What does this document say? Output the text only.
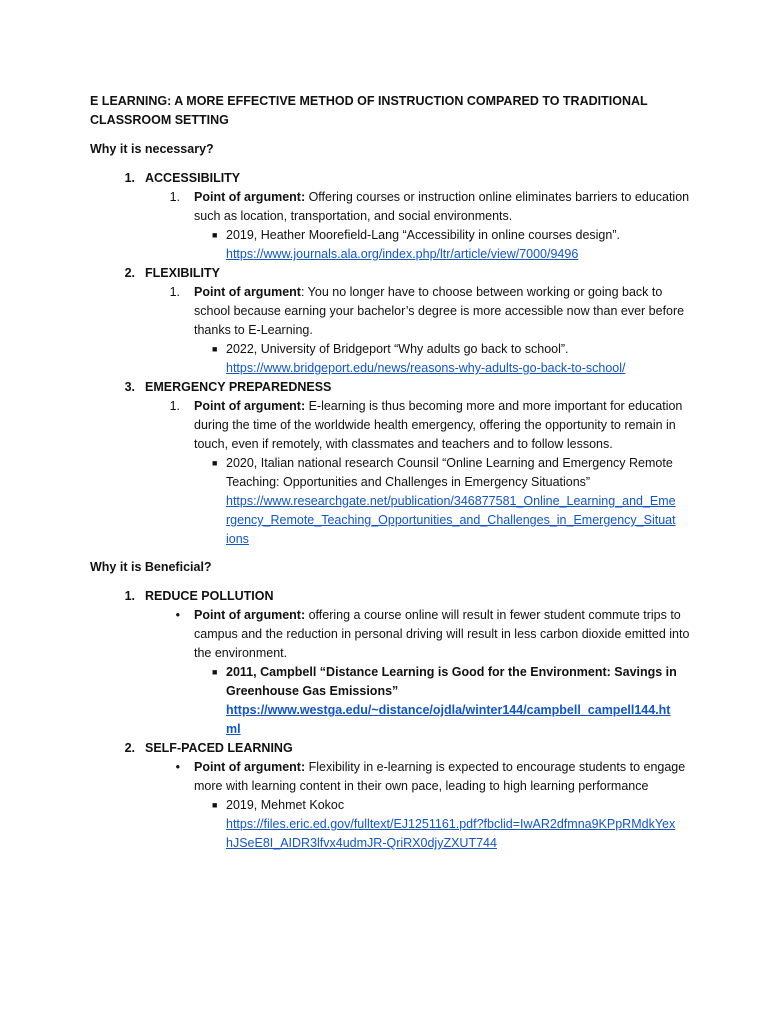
E LEARNING: A MORE EFFECTIVE METHOD OF INSTRUCTION COMPARED TO TRADITIONAL CLASSROOM SETTING
Why it is necessary?
1. ACCESSIBILITY
1. Point of argument: Offering courses or instruction online eliminates barriers to education such as location, transportation, and social environments.
■ 2019, Heather Moorefield-Lang “Accessibility in online courses design”.
https://www.journals.ala.org/index.php/ltr/article/view/7000/9496
2. FLEXIBILITY
1. Point of argument: You no longer have to choose between working or going back to school because earning your bachelor’s degree is more accessible now than ever before thanks to E-Learning.
■ 2022, University of Bridgeport “Why adults go back to school”.
https://www.bridgeport.edu/news/reasons-why-adults-go-back-to-school/
3. EMERGENCY PREPAREDNESS
1. Point of argument: E-learning is thus becoming more and more important for education during the time of the worldwide health emergency, offering the opportunity to remain in touch, even if remotely, with classmates and teachers and to follow lessons.
■ 2020, Italian national research Counsil “Online Learning and Emergency Remote Teaching: Opportunities and Challenges in Emergency Situations”
https://www.researchgate.net/publication/346877581_Online_Learning_and_Emergency_Remote_Teaching_Opportunities_and_Challenges_in_Emergency_Situations
Why it is Beneficial?
1. REDUCE POLLUTION
• Point of argument: offering a course online will result in fewer student commute trips to campus and the reduction in personal driving will result in less carbon dioxide emitted into the environment.
■ 2011, Campbell “Distance Learning is Good for the Environment: Savings in Greenhouse Gas Emissions”
https://www.westga.edu/~distance/ojdla/winter144/campbell_campell144.html
2. SELF-PACED LEARNING
• Point of argument: Flexibility in e-learning is expected to encourage students to engage more with learning content in their own pace, leading to high learning performance
■ 2019, Mehmet Kokoc
https://files.eric.ed.gov/fulltext/EJ1251161.pdf?fbclid=IwAR2dfmna9KPpRMdkYexhJSeE8I_AIDR3lfvx4udmJR-QriRX0djyZXUT744
